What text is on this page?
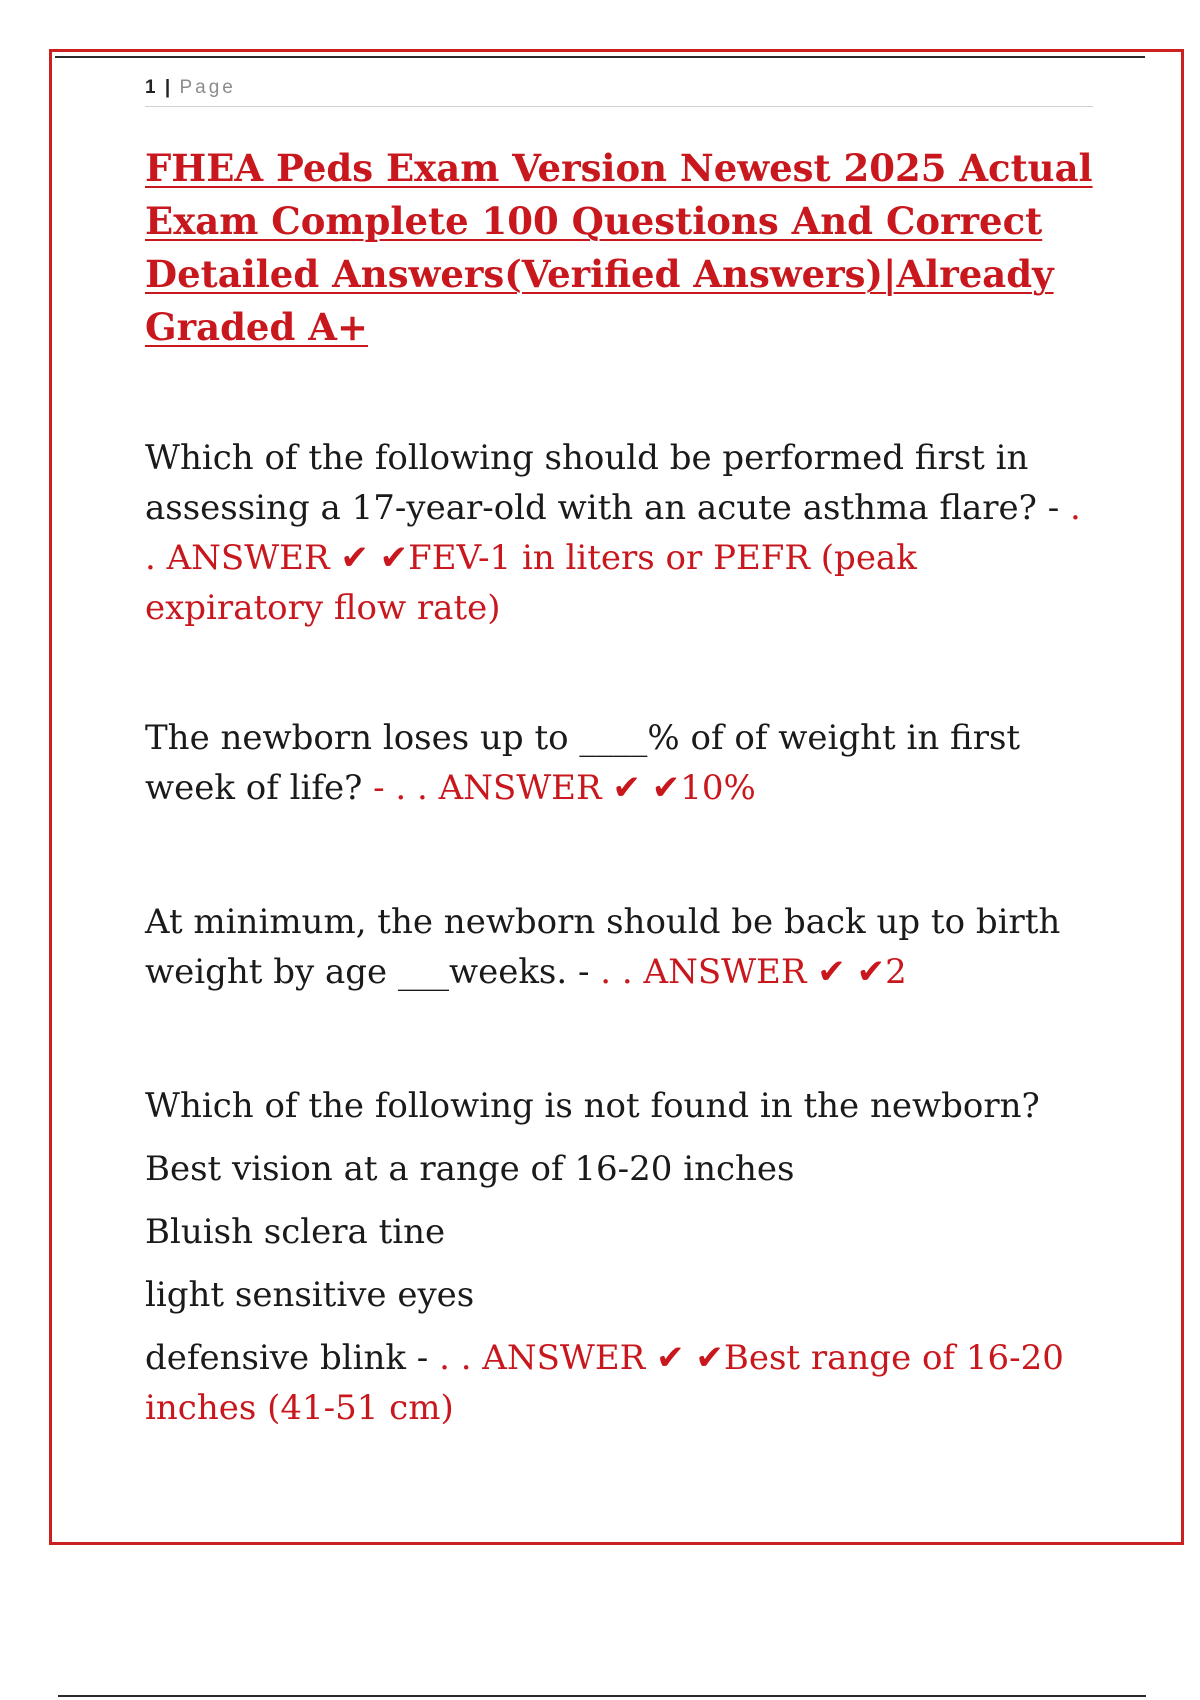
1 | Page
FHEA Peds Exam Version Newest 2025 Actual Exam Complete 100 Questions And Correct Detailed Answers(Verified Answers)|Already Graded A+
Which of the following should be performed first in assessing a 17-year-old with an acute asthma flare? - . . ANSWER ✔ ✔FEV-1 in liters or PEFR (peak expiratory flow rate)
The newborn loses up to ____% of of weight in first week of life? - . . ANSWER ✔ ✔10%
At minimum, the newborn should be back up to birth weight by age ___weeks. - . . ANSWER ✔ ✔2
Which of the following is not found in the newborn?
Best vision at a range of 16-20 inches
Bluish sclera tine
light sensitive eyes
defensive blink - . . ANSWER ✔ ✔Best range of 16-20 inches (41-51 cm)
